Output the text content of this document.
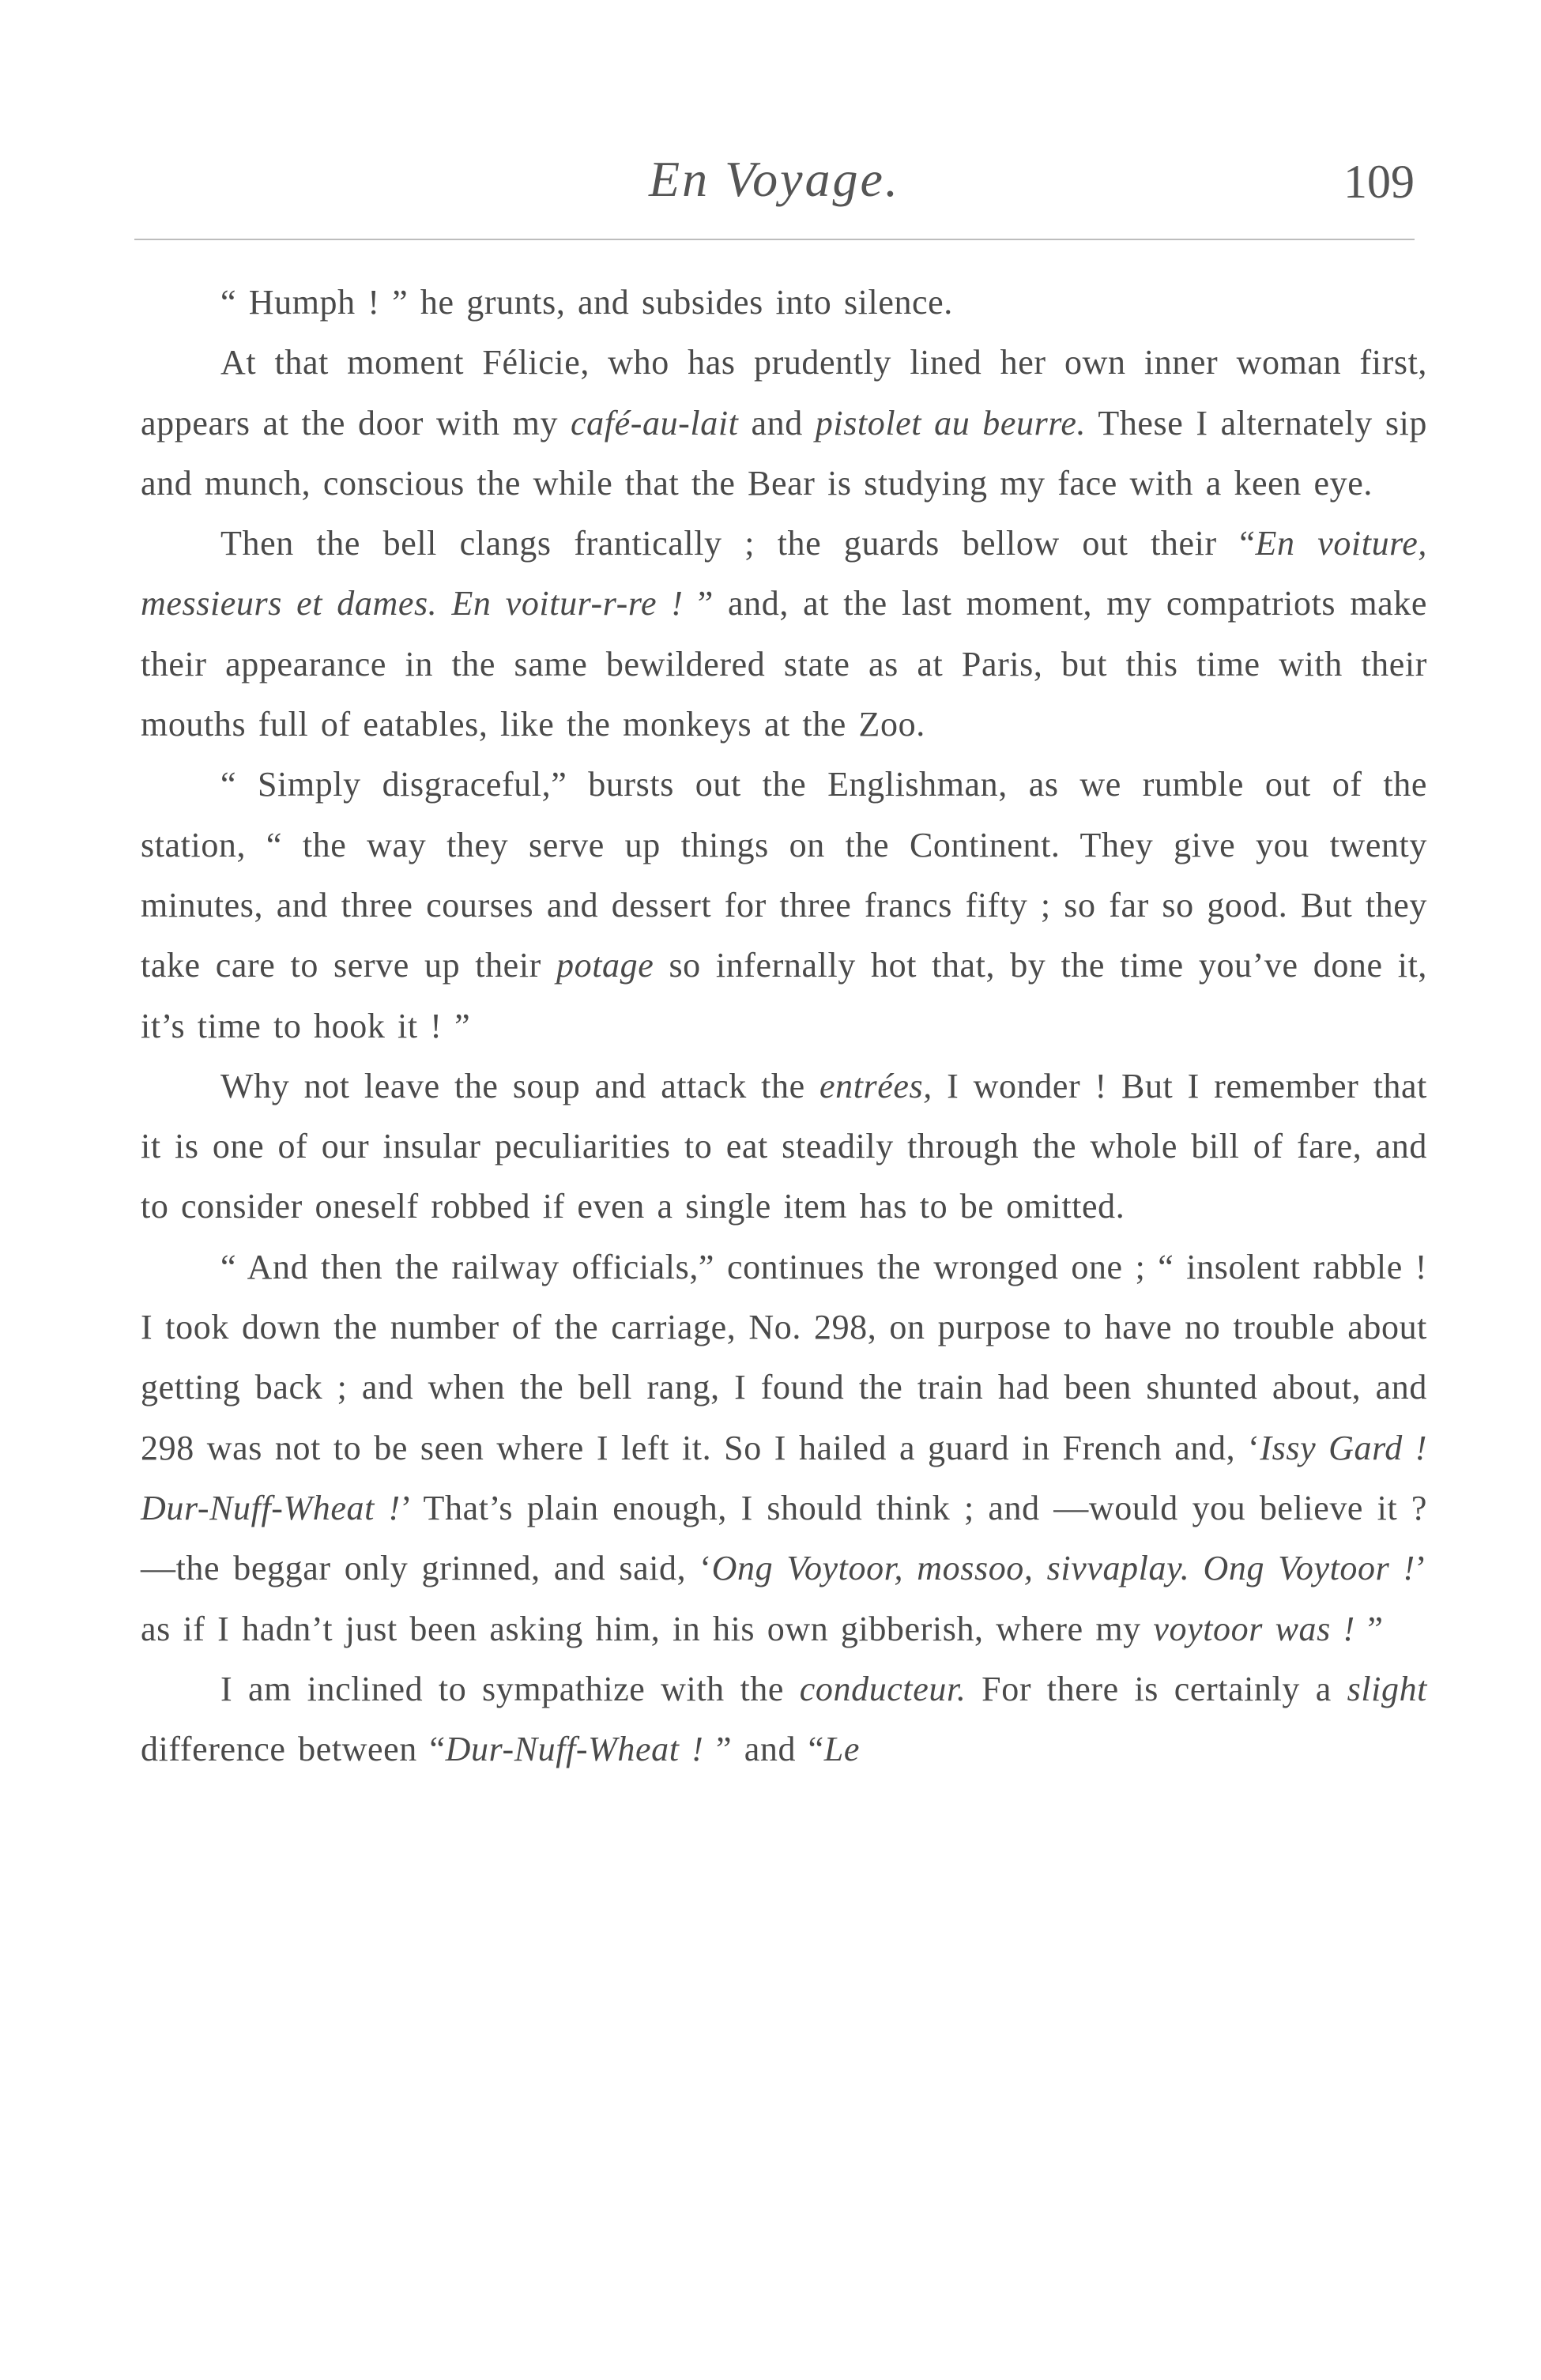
En Voyage.	109

“ Humph ! ” he grunts, and subsides into silence.

At that moment Félicie, who has prudently lined her own inner woman first, appears at the door with my café-au-lait and pistolet au beurre. These I alternately sip and munch, conscious the while that the Bear is studying my face with a keen eye.

Then the bell clangs frantically ; the guards bellow out their “En voiture, messieurs et dames. En voitur-r-re ! ” and, at the last moment, my compatriots make their appearance in the same bewildered state as at Paris, but this time with their mouths full of eatables, like the monkeys at the Zoo.

“ Simply disgraceful,” bursts out the Englishman, as we rumble out of the station, “ the way they serve up things on the Continent. They give you twenty minutes, and three courses and dessert for three francs fifty ; so far so good. But they take care to serve up their potage so infernally hot that, by the time you’ve done it, it’s time to hook it ! ”

Why not leave the soup and attack the entrées, I wonder ! But I remember that it is one of our insular peculiarities to eat steadily through the whole bill of fare, and to consider oneself robbed if even a single item has to be omitted.

“ And then the railway officials,” continues the wronged one ; “ insolent rabble ! I took down the number of the carriage, No. 298, on purpose to have no trouble about getting back ; and when the bell rang, I found the train had been shunted about, and 298 was not to be seen where I left it. So I hailed a guard in French and, ‘Issy Gard ! Dur-Nuff-Wheat !’ That’s plain enough, I should think ; and —would you believe it ?—the beggar only grinned, and said, ‘Ong Voytoor, mossoo, sivvaplay. Ong Voytoor !’ as if I hadn’t just been asking him, in his own gibberish, where my voytoor was ! ”

I am inclined to sympathize with the conducteur. For there is certainly a slight difference between “Dur-Nuff-Wheat ! ” and “Le
